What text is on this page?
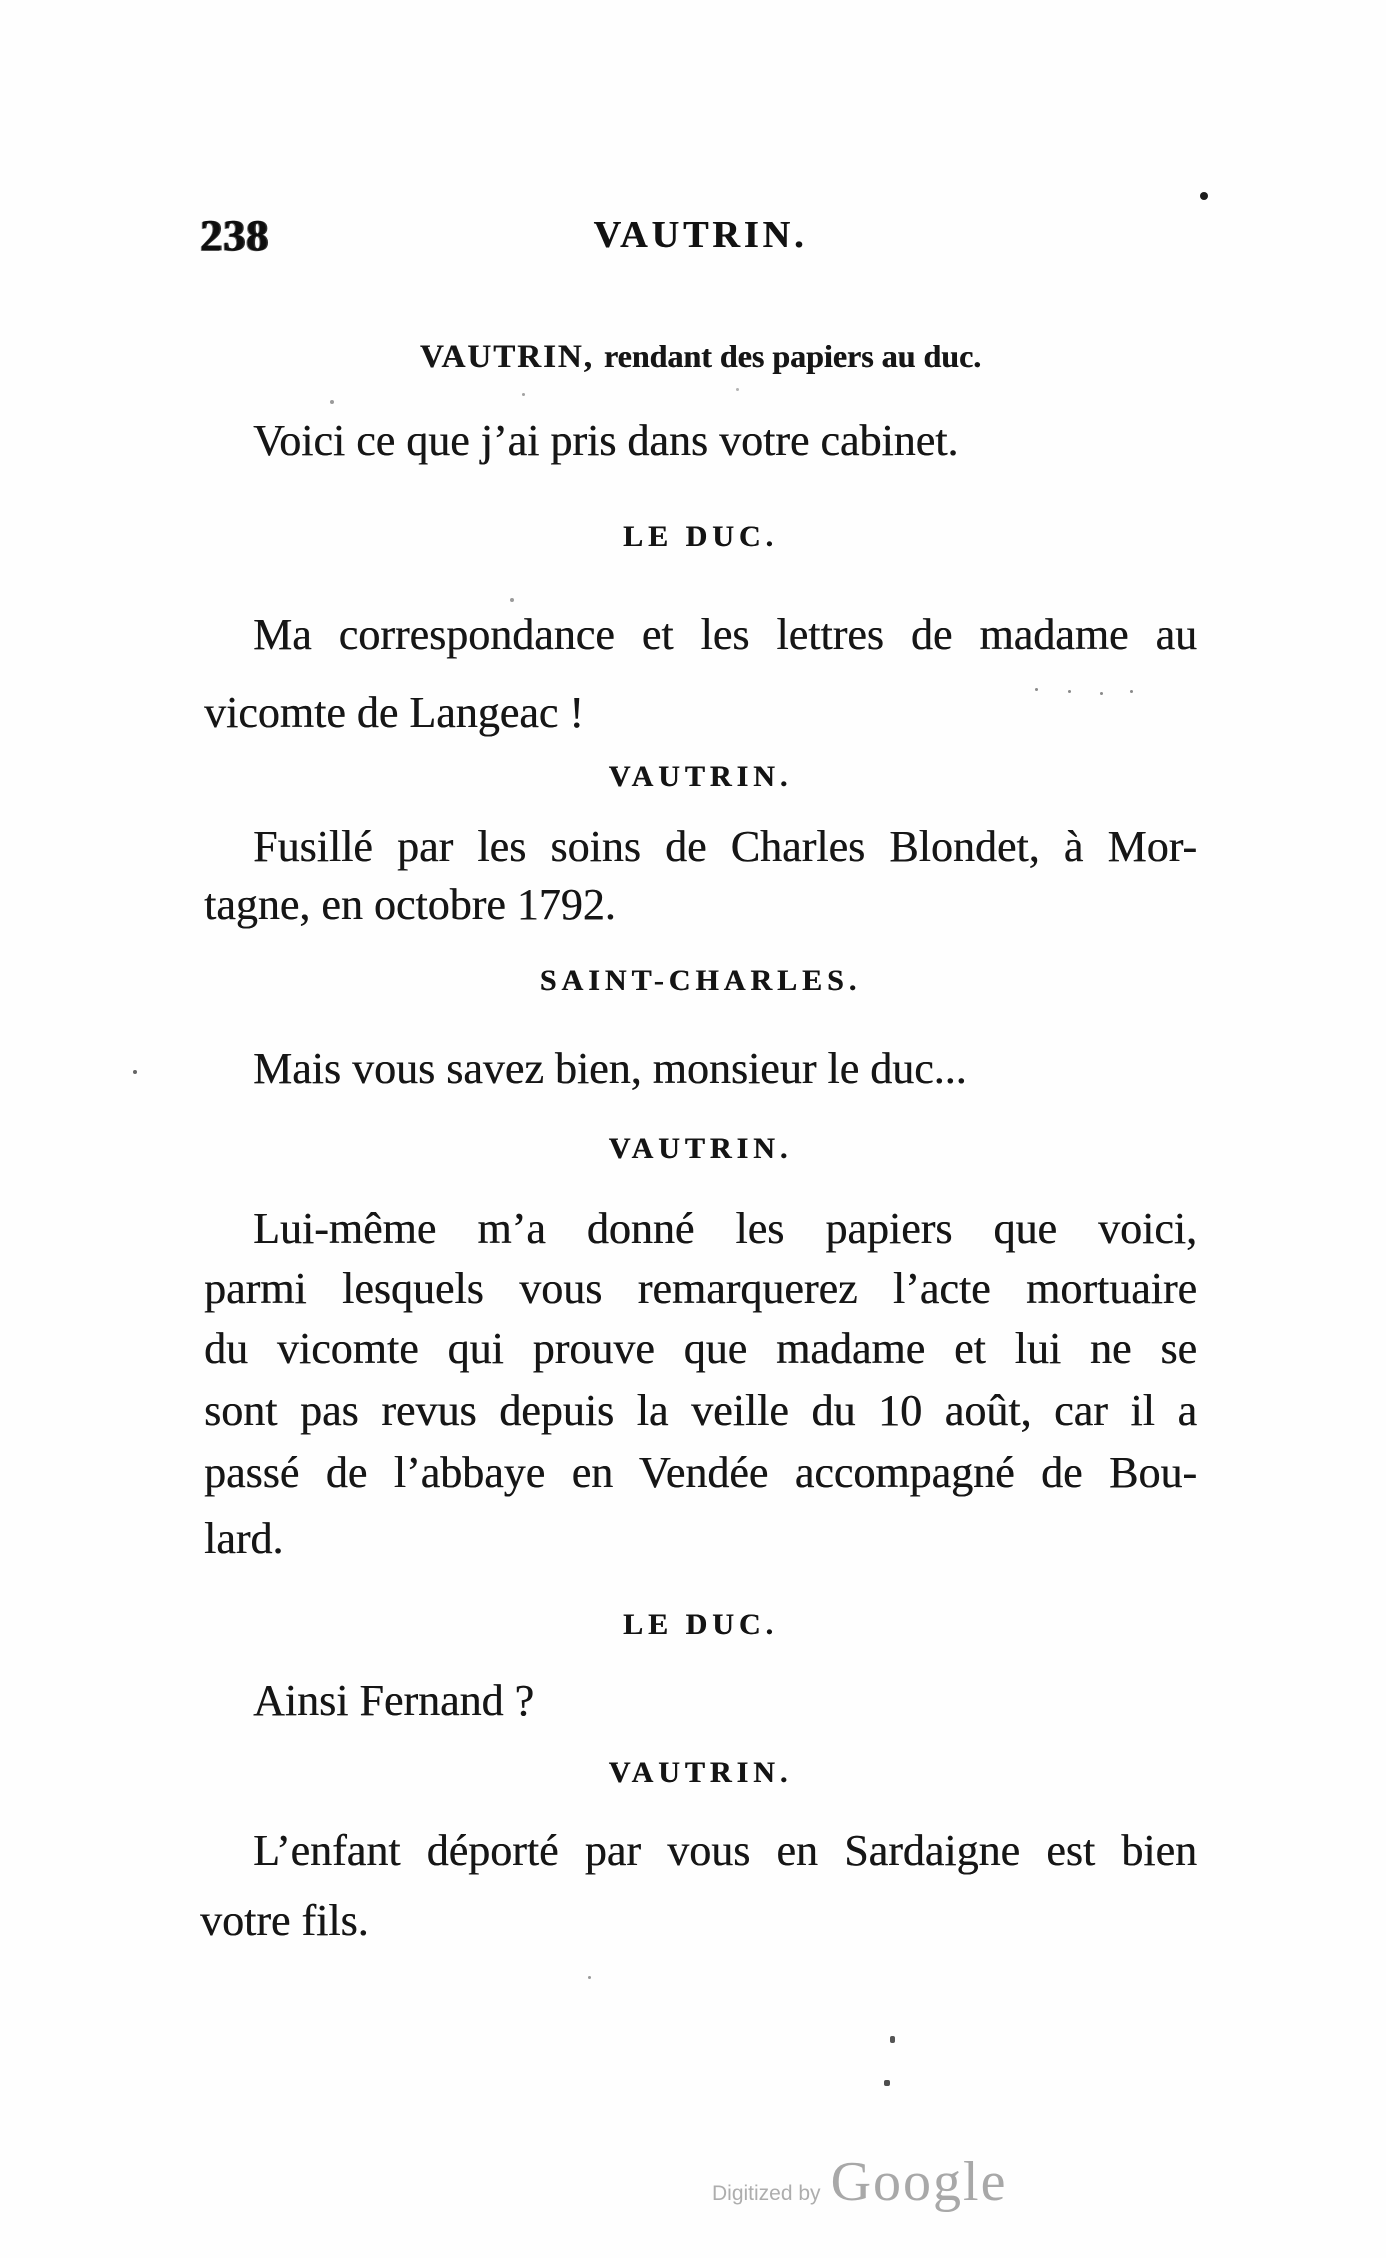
238	VAUTRIN.
VAUTRIN, rendant des papiers au duc.
Voici ce que j’ai pris dans votre cabinet.
LE DUC.
Ma correspondance et les lettres de madame au
vicomte de Langeac !
VAUTRIN.
Fusillé par les soins de Charles Blondet, à Mor-
tagne, en octobre 1792.
SAINT-CHARLES.
Mais vous savez bien, monsieur le duc...
VAUTRIN.
Lui-même m’a donné les papiers que voici,
parmi lesquels vous remarquerez l’acte mortuaire
du vicomte qui prouve que madame et lui ne se
sont pas revus depuis la veille du 10 août, car il a
passé de l’abbaye en Vendée accompagné de Bou-
lard.
LE DUC.
Ainsi Fernand ?
VAUTRIN.
L’enfant déporté par vous en Sardaigne est bien
votre fils.
Digitized by Google
